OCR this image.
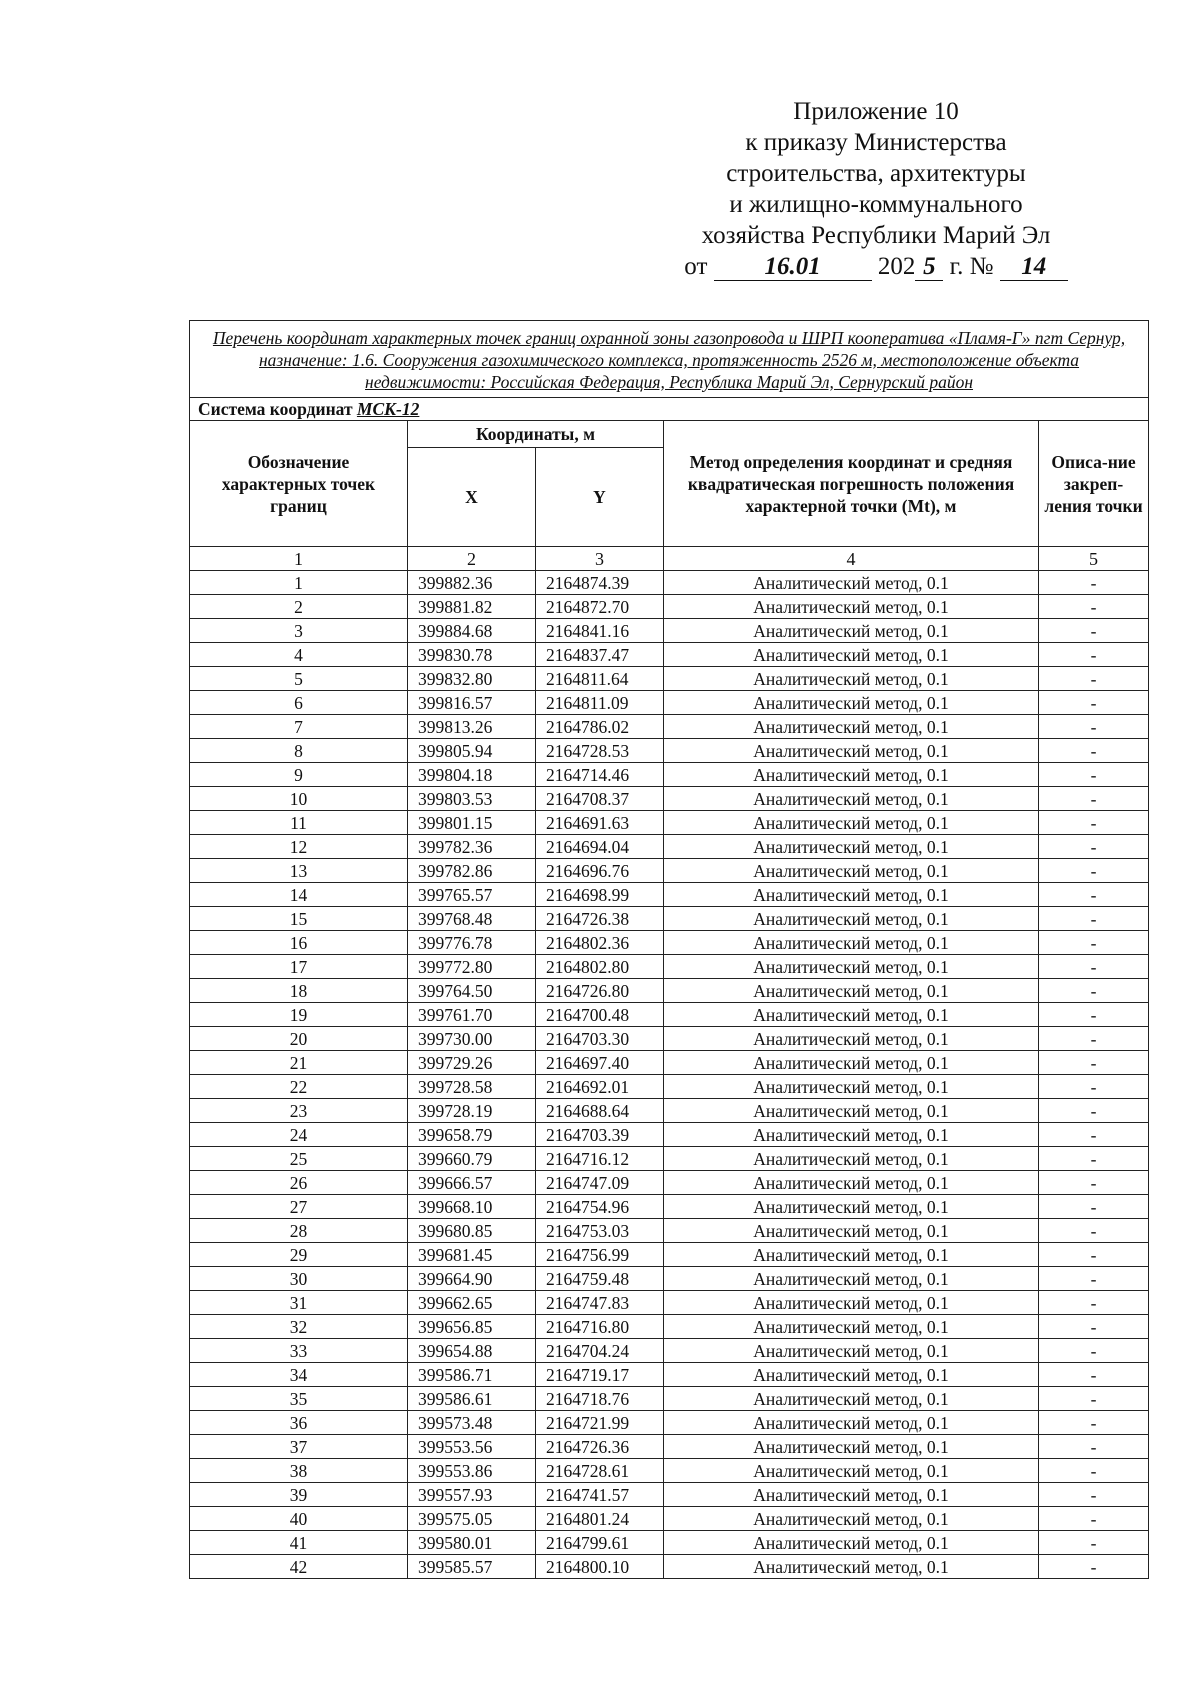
Приложение 10
к приказу Министерства
строительства, архитектуры
и жилищно-коммунального
хозяйства Республики Марий Эл
от 16.01 202 5 г. № 14
Перечень координат характерных точек границ охранной зоны газопровода и ШРП кооператива «Пламя-Г» пгт Сернур, назначение: 1.6. Сооружения газохимического комплекса, протяженность 2526 м, местоположение объекта недвижимости: Российская Федерация, Республика Марий Эл, Сернурский район				
Система координат МСК-12				
Обозначение характерных точек границ	Координаты, м		Метод определения координат и средняя квадратическая погрешность положения характерной точки (Mt), м	Описа-ние закреп-ления точки
	X	Y		
1	2	3	4	5
1	399882.36	2164874.39	Аналитический метод, 0.1	-
2	399881.82	2164872.70	Аналитический метод, 0.1	-
3	399884.68	2164841.16	Аналитический метод, 0.1	-
4	399830.78	2164837.47	Аналитический метод, 0.1	-
5	399832.80	2164811.64	Аналитический метод, 0.1	-
6	399816.57	2164811.09	Аналитический метод, 0.1	-
7	399813.26	2164786.02	Аналитический метод, 0.1	-
8	399805.94	2164728.53	Аналитический метод, 0.1	-
9	399804.18	2164714.46	Аналитический метод, 0.1	-
10	399803.53	2164708.37	Аналитический метод, 0.1	-
11	399801.15	2164691.63	Аналитический метод, 0.1	-
12	399782.36	2164694.04	Аналитический метод, 0.1	-
13	399782.86	2164696.76	Аналитический метод, 0.1	-
14	399765.57	2164698.99	Аналитический метод, 0.1	-
15	399768.48	2164726.38	Аналитический метод, 0.1	-
16	399776.78	2164802.36	Аналитический метод, 0.1	-
17	399772.80	2164802.80	Аналитический метод, 0.1	-
18	399764.50	2164726.80	Аналитический метод, 0.1	-
19	399761.70	2164700.48	Аналитический метод, 0.1	-
20	399730.00	2164703.30	Аналитический метод, 0.1	-
21	399729.26	2164697.40	Аналитический метод, 0.1	-
22	399728.58	2164692.01	Аналитический метод, 0.1	-
23	399728.19	2164688.64	Аналитический метод, 0.1	-
24	399658.79	2164703.39	Аналитический метод, 0.1	-
25	399660.79	2164716.12	Аналитический метод, 0.1	-
26	399666.57	2164747.09	Аналитический метод, 0.1	-
27	399668.10	2164754.96	Аналитический метод, 0.1	-
28	399680.85	2164753.03	Аналитический метод, 0.1	-
29	399681.45	2164756.99	Аналитический метод, 0.1	-
30	399664.90	2164759.48	Аналитический метод, 0.1	-
31	399662.65	2164747.83	Аналитический метод, 0.1	-
32	399656.85	2164716.80	Аналитический метод, 0.1	-
33	399654.88	2164704.24	Аналитический метод, 0.1	-
34	399586.71	2164719.17	Аналитический метод, 0.1	-
35	399586.61	2164718.76	Аналитический метод, 0.1	-
36	399573.48	2164721.99	Аналитический метод, 0.1	-
37	399553.56	2164726.36	Аналитический метод, 0.1	-
38	399553.86	2164728.61	Аналитический метод, 0.1	-
39	399557.93	2164741.57	Аналитический метод, 0.1	-
40	399575.05	2164801.24	Аналитический метод, 0.1	-
41	399580.01	2164799.61	Аналитический метод, 0.1	-
42	399585.57	2164800.10	Аналитический метод, 0.1	-
